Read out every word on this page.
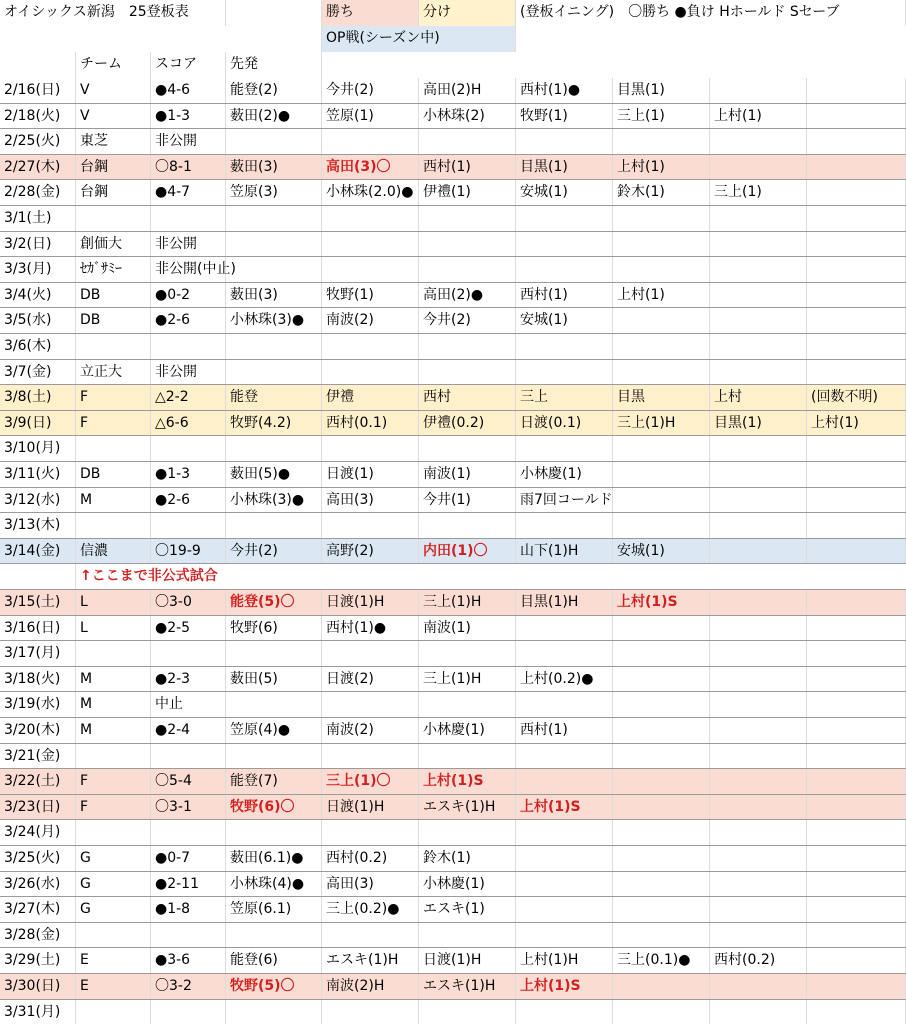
オイシックス新潟　25登板表	勝ち	分け	(登板イニング)　〇勝ち ●負け Hホールド Sセーブ
OP戦(シーズン中)
チーム	スコア	先発
2/16(日)	V	●4-6	能登(2)	今井(2)	高田(2)H	西村(1)●	目黒(1)
2/18(火)	V	●1-3	薮田(2)●	笠原(1)	小林珠(2)	牧野(1)	三上(1)	上村(1)
2/25(火)	東芝	非公開
2/27(木)	台鋼	〇8-1	薮田(3)	高田(3)〇	西村(1)	目黒(1)	上村(1)
2/28(金)	台鋼	●4-7	笠原(3)	小林珠(2.0)● 伊禮(1)	安城(1)	鈴木(1)	三上(1)
3/1(土)
3/2(日)	創価大	非公開
3/3(月)	ｾｶﾞｻﾐｰ	非公開(中止)
3/4(火)	DB	●0-2	薮田(3)	牧野(1)	高田(2)●	西村(1)	上村(1)
3/5(水)	DB	●2-6	小林珠(3)●	南波(2)	今井(2)	安城(1)
3/6(木)
3/7(金)	立正大	非公開
3/8(土)	F	△2-2	能登	伊禮	西村	三上	目黒	上村	(回数不明)
3/9(日)	F	△6-6	牧野(4.2)	西村(0.1)	伊禮(0.2)	日渡(0.1)	三上(1)H	目黒(1)	上村(1)
3/10(月)
3/11(火)	DB	●1-3	薮田(5)●	日渡(1)	南波(1)	小林慶(1)
3/12(水)	M	●2-6	小林珠(3)●	高田(3)	今井(1)	雨7回コールド
3/13(木)
3/14(金)	信濃	〇19-9	今井(2)	高野(2)	内田(1)〇	山下(1)H	安城(1)
↑ここまで非公式試合
3/15(土)	L	〇3-0	能登(5)〇	日渡(1)H	三上(1)H	目黒(1)H	上村(1)S
3/16(日)	L	●2-5	牧野(6)	西村(1)●	南波(1)
3/17(月)
3/18(火)	M	●2-3	薮田(5)	日渡(2)	三上(1)H	上村(0.2)●
3/19(水)	M	中止
3/20(木)	M	●2-4	笠原(4)●	南波(2)	小林慶(1)	西村(1)
3/21(金)
3/22(土)	F	〇5-4	能登(7)	三上(1)〇	上村(1)S
3/23(日)	F	〇3-1	牧野(6)〇	日渡(1)H	エスキ(1)H	上村(1)S
3/24(月)
3/25(火)	G	●0-7	薮田(6.1)●	西村(0.2)	鈴木(1)
3/26(水)	G	●2-11	小林珠(4)●	高田(3)	小林慶(1)
3/27(木)	G	●1-8	笠原(6.1)	三上(0.2)●	エスキ(1)
3/28(金)
3/29(土)	E	●3-6	能登(6)	エスキ(1)H	日渡(1)H	上村(1)H	三上(0.1)●	西村(0.2)
3/30(日)	E	〇3-2	牧野(5)〇	南波(2)H	エスキ(1)H	上村(1)S
3/31(月)
